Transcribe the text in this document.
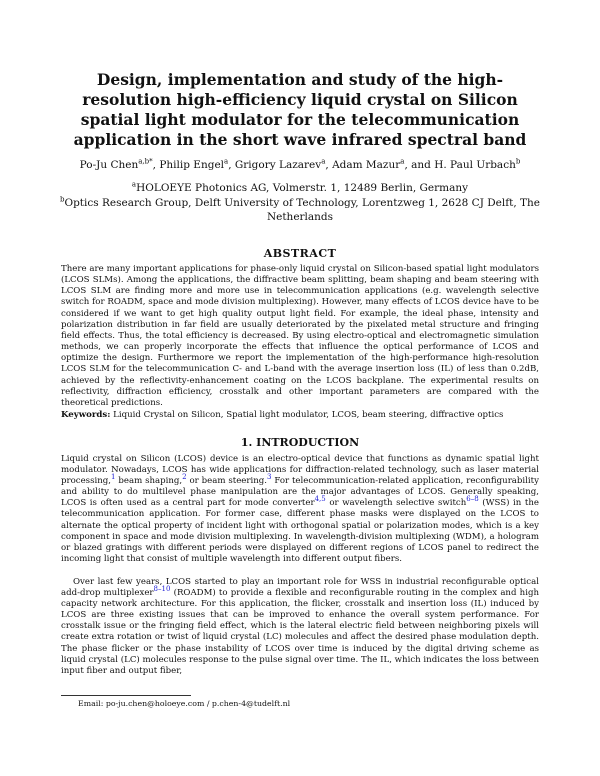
Design, implementation and study of the high-resolution high-efficiency liquid crystal on Silicon spatial light modulator for the telecommunication application in the short wave infrared spectral band
Po-Ju Chen$^{a,b*}$, Philip Engel$^a$, Grigory Lazarev$^a$, Adam Mazur$^a$, and H. Paul Urbach$^b$
$^a$HOLOEYE Photonics AG, Volmerstr. 1, 12489 Berlin, Germany
$^b$Optics Research Group, Delft University of Technology, Lorentzweg 1, 2628 CJ Delft, The Netherlands
ABSTRACT
There are many important applications for phase-only liquid crystal on Silicon-based spatial light modulators (LCOS SLMs). Among the applications, the diffractive beam splitting, beam shaping and beam steering with LCOS SLM are finding more and more use in telecommunication applications (e.g. wavelength selective switch for ROADM, space and mode division multiplexing). However, many effects of LCOS device have to be considered if we want to get high quality output light field. For example, the ideal phase, intensity and polarization distribution in far field are usually deteriorated by the pixelated metal structure and fringing field effects. Thus, the total efficiency is decreased. By using electro-optical and electromagnetic simulation methods, we can properly incorporate the effects that influence the optical performance of LCOS and optimize the design. Furthermore we report the implementation of the high-performance high-resolution LCOS SLM for the telecommunication C- and L-band with the average insertion loss (IL) of less than 0.2dB, achieved by the reflectivity-enhancement coating on the LCOS backplane. The experimental results on reflectivity, diffraction efficiency, crosstalk and other important parameters are compared with the theoretical predictions.
Keywords: Liquid Crystal on Silicon, Spatial light modulator, LCOS, beam steering, diffractive optics
1. INTRODUCTION
Liquid crystal on Silicon (LCOS) device is an electro-optical device that functions as dynamic spatial light modulator. Nowadays, LCOS has wide applications for diffraction-related technology, such as laser material processing,$^1$ beam shaping,$^2$ or beam steering.$^3$ For telecommunication-related application, reconfigurability and ability to do multilevel phase manipulation are the major advantages of LCOS. Generally speaking, LCOS is often used as a central part for mode converter$^{4,5}$ or wavelength selective switch$^{6-8}$ (WSS) in the telecommunication application. For former case, different phase masks were displayed on the LCOS to alternate the optical property of incident light with orthogonal spatial or polarization modes, which is a key component in space and mode division multiplexing. In wavelength-division multiplexing (WDM), a hologram or blazed gratings with different periods were displayed on different regions of LCOS panel to redirect the incoming light that consist of multiple wavelength into different output fibers.
Over last few years, LCOS started to play an important role for WSS in industrial reconfigurable optical add-drop multiplexer$^{8-10}$ (ROADM) to provide a flexible and reconfigurable routing in the complex and high capacity network architecture. For this application, the flicker, crosstalk and insertion loss (IL) induced by LCOS are three existing issues that can be improved to enhance the overall system performance. For crosstalk issue or the fringing field effect, which is the lateral electric field between neighboring pixels will create extra rotation or twist of liquid crystal (LC) molecules and affect the desired phase modulation depth. The phase flicker or the phase instability of LCOS over time is induced by the digital driving scheme as liquid crystal (LC) molecules response to the pulse signal over time. The IL, which indicates the loss between input fiber and output fiber,
Email: po-ju.chen@holoeye.com / p.chen-4@tudelft.nl
